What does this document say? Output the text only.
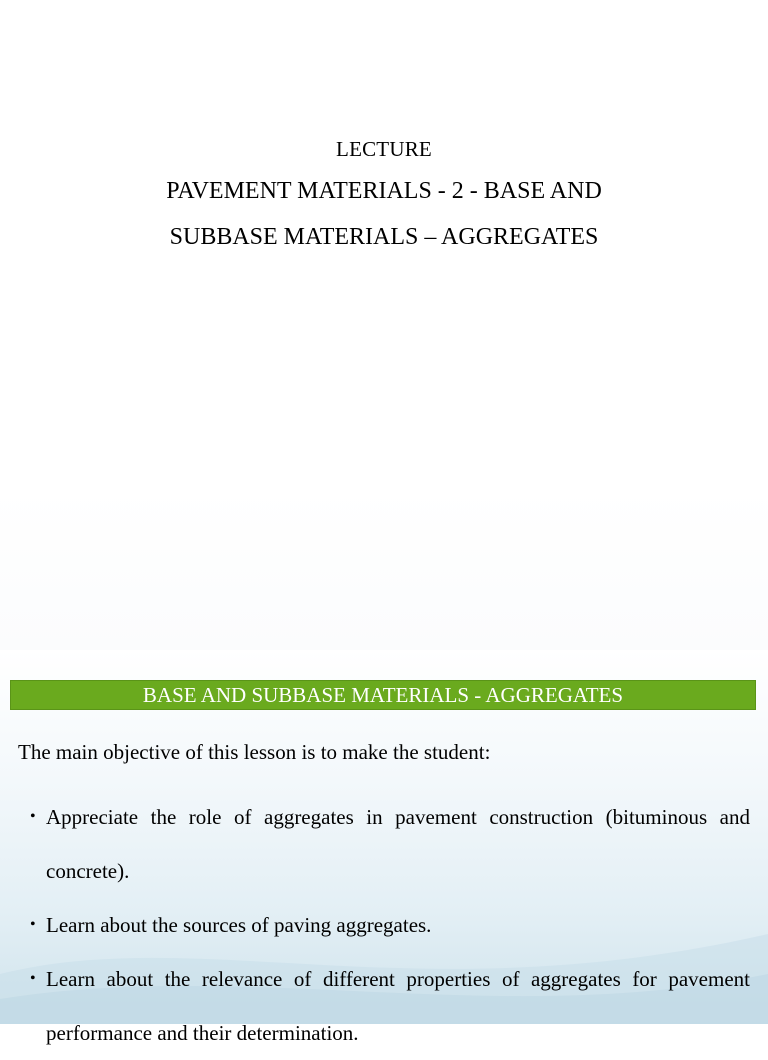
LECTURE
PAVEMENT MATERIALS - 2 - BASE AND
SUBBASE MATERIALS – AGGREGATES
BASE AND SUBBASE MATERIALS - AGGREGATES
The main objective of this lesson is to make the student:
• Appreciate the role of aggregates in pavement construction (bituminous and concrete).
• Learn about the sources of paving aggregates.
• Learn about the relevance of different properties of aggregates for pavement performance and their determination.
